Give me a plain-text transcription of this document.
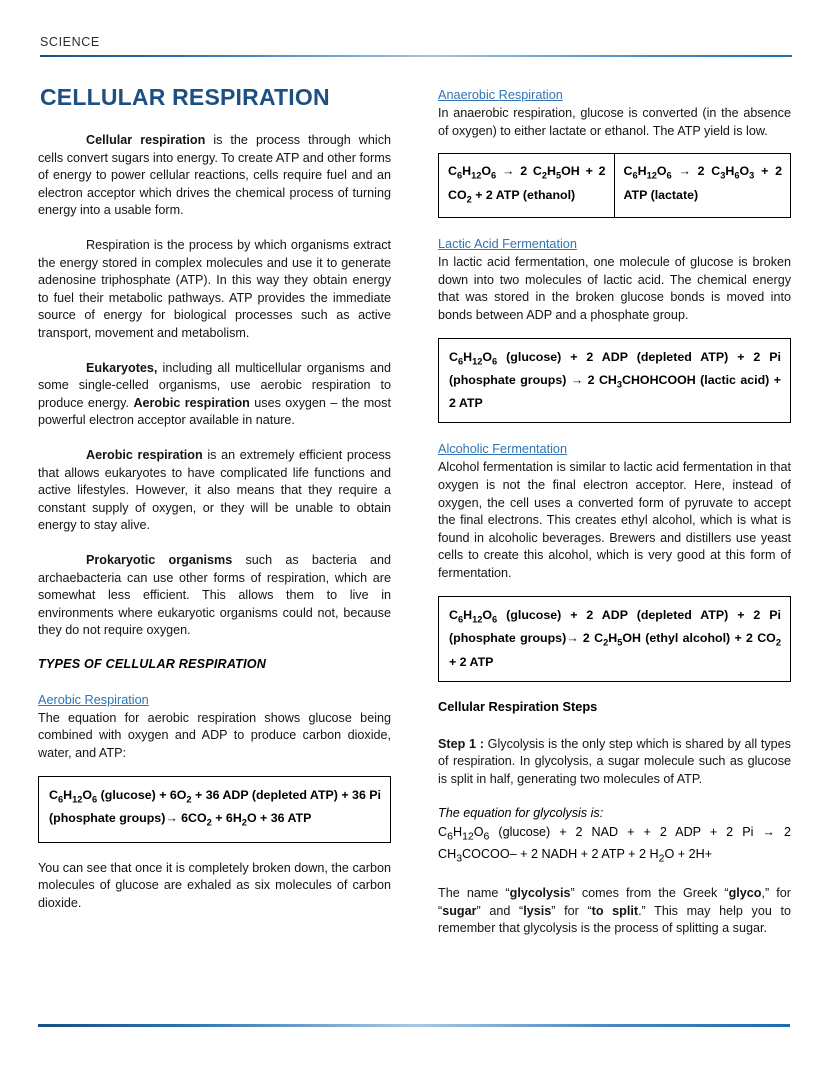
SCIENCE
CELLULAR RESPIRATION

Cellular respiration is the process through which cells convert sugars into energy. To create ATP and other forms of energy to power cellular reactions, cells require fuel and an electron acceptor which drives the chemical process of turning energy into a usable form.

Respiration is the process by which organisms extract the energy stored in complex molecules and use it to generate adenosine triphosphate (ATP). In this way they obtain energy to fuel their metabolic pathways. ATP provides the immediate source of energy for biological processes such as active transport, movement and metabolism.

Eukaryotes, including all multicellular organisms and some single-celled organisms, use aerobic respiration to produce energy. Aerobic respiration uses oxygen – the most powerful electron acceptor available in nature.

Aerobic respiration is an extremely efficient process that allows eukaryotes to have complicated life functions and active lifestyles. However, it also means that they require a constant supply of oxygen, or they will be unable to obtain energy to stay alive.

Prokaryotic organisms such as bacteria and archaebacteria can use other forms of respiration, which are somewhat less efficient. This allows them to live in environments where eukaryotic organisms could not, because they do not require oxygen.

TYPES OF CELLULAR RESPIRATION
Aerobic Respiration

The equation for aerobic respiration shows glucose being combined with oxygen and ADP to produce carbon dioxide, water, and ATP:

$C_6H_{12}O_6$ $(glucose) + 6O_2 + 36$ ADP (depleted ATP) + 36 Pi (phosphate groups)→ $6CO_2 + 6H_2O + 36$ ATP

You can see that once it is completely broken down, the carbon molecules of glucose are exhaled as six molecules of carbon dioxide.

Anaerobic Respiration

In anaerobic respiration, glucose is converted (in the absence of oxygen) to either lactate or ethanol. The ATP yield is low.

$C_6H_{12}O_6 \to 2$ $C_2H_5OH + 2$ $CO_2 + 2$ ATP (ethanol)
$C_6H_{12}O_6 \to 2$ $C_3H_6O_3 + 2$ ATP (lactate)
Lactic Acid Fermentation

In lactic acid fermentation, one molecule of glucose is broken down into two molecules of lactic acid. The chemical energy that was stored in the broken glucose bonds is moved into bonds between ADP and a phosphate group.

$C_6H_{12}O_6$ (glucose) + 2 ADP (depleted ATP) + 2 Pi (phosphate groups) → 2 $CH_3CHOHCOOH$ (lactic acid) + 2 ATP
Alcoholic Fermentation

Alcohol fermentation is similar to lactic acid fermentation in that oxygen is not the final electron acceptor. Here, instead of oxygen, the cell uses a converted form of pyruvate to accept the final electrons. This creates ethyl alcohol, which is what is found in alcoholic beverages. Brewers and distillers use yeast cells to create this alcohol, which is very good at this form of fermentation.

$C_6H_{12}O_6$ (glucose) + 2 ADP (depleted ATP) + 2 Pi (phosphate groups)→ 2 $C_2H_5OH$ (ethyl alcohol) + 2 $CO_2 + 2$ ATP
Cellular Respiration Steps

Step 1 : Glycolysis is the only step which is shared by all types of respiration. In glycolysis, a sugar molecule such as glucose is split in half, generating two molecules of ATP.

The equation for glycolysis is:

$C_6H_{12}O_6$ (glucose) + 2 NAD + + 2 ADP + 2 Pi → 2 $CH_3COCOO- + 2$ NADH + 2 ATP + 2 $H_2O + 2H+$

The name “glycolysis” comes from the Greek “glyco,” for “sugar” and “lysis” for “to split.” This may help you to remember that glycolysis is the process of splitting a sugar.
